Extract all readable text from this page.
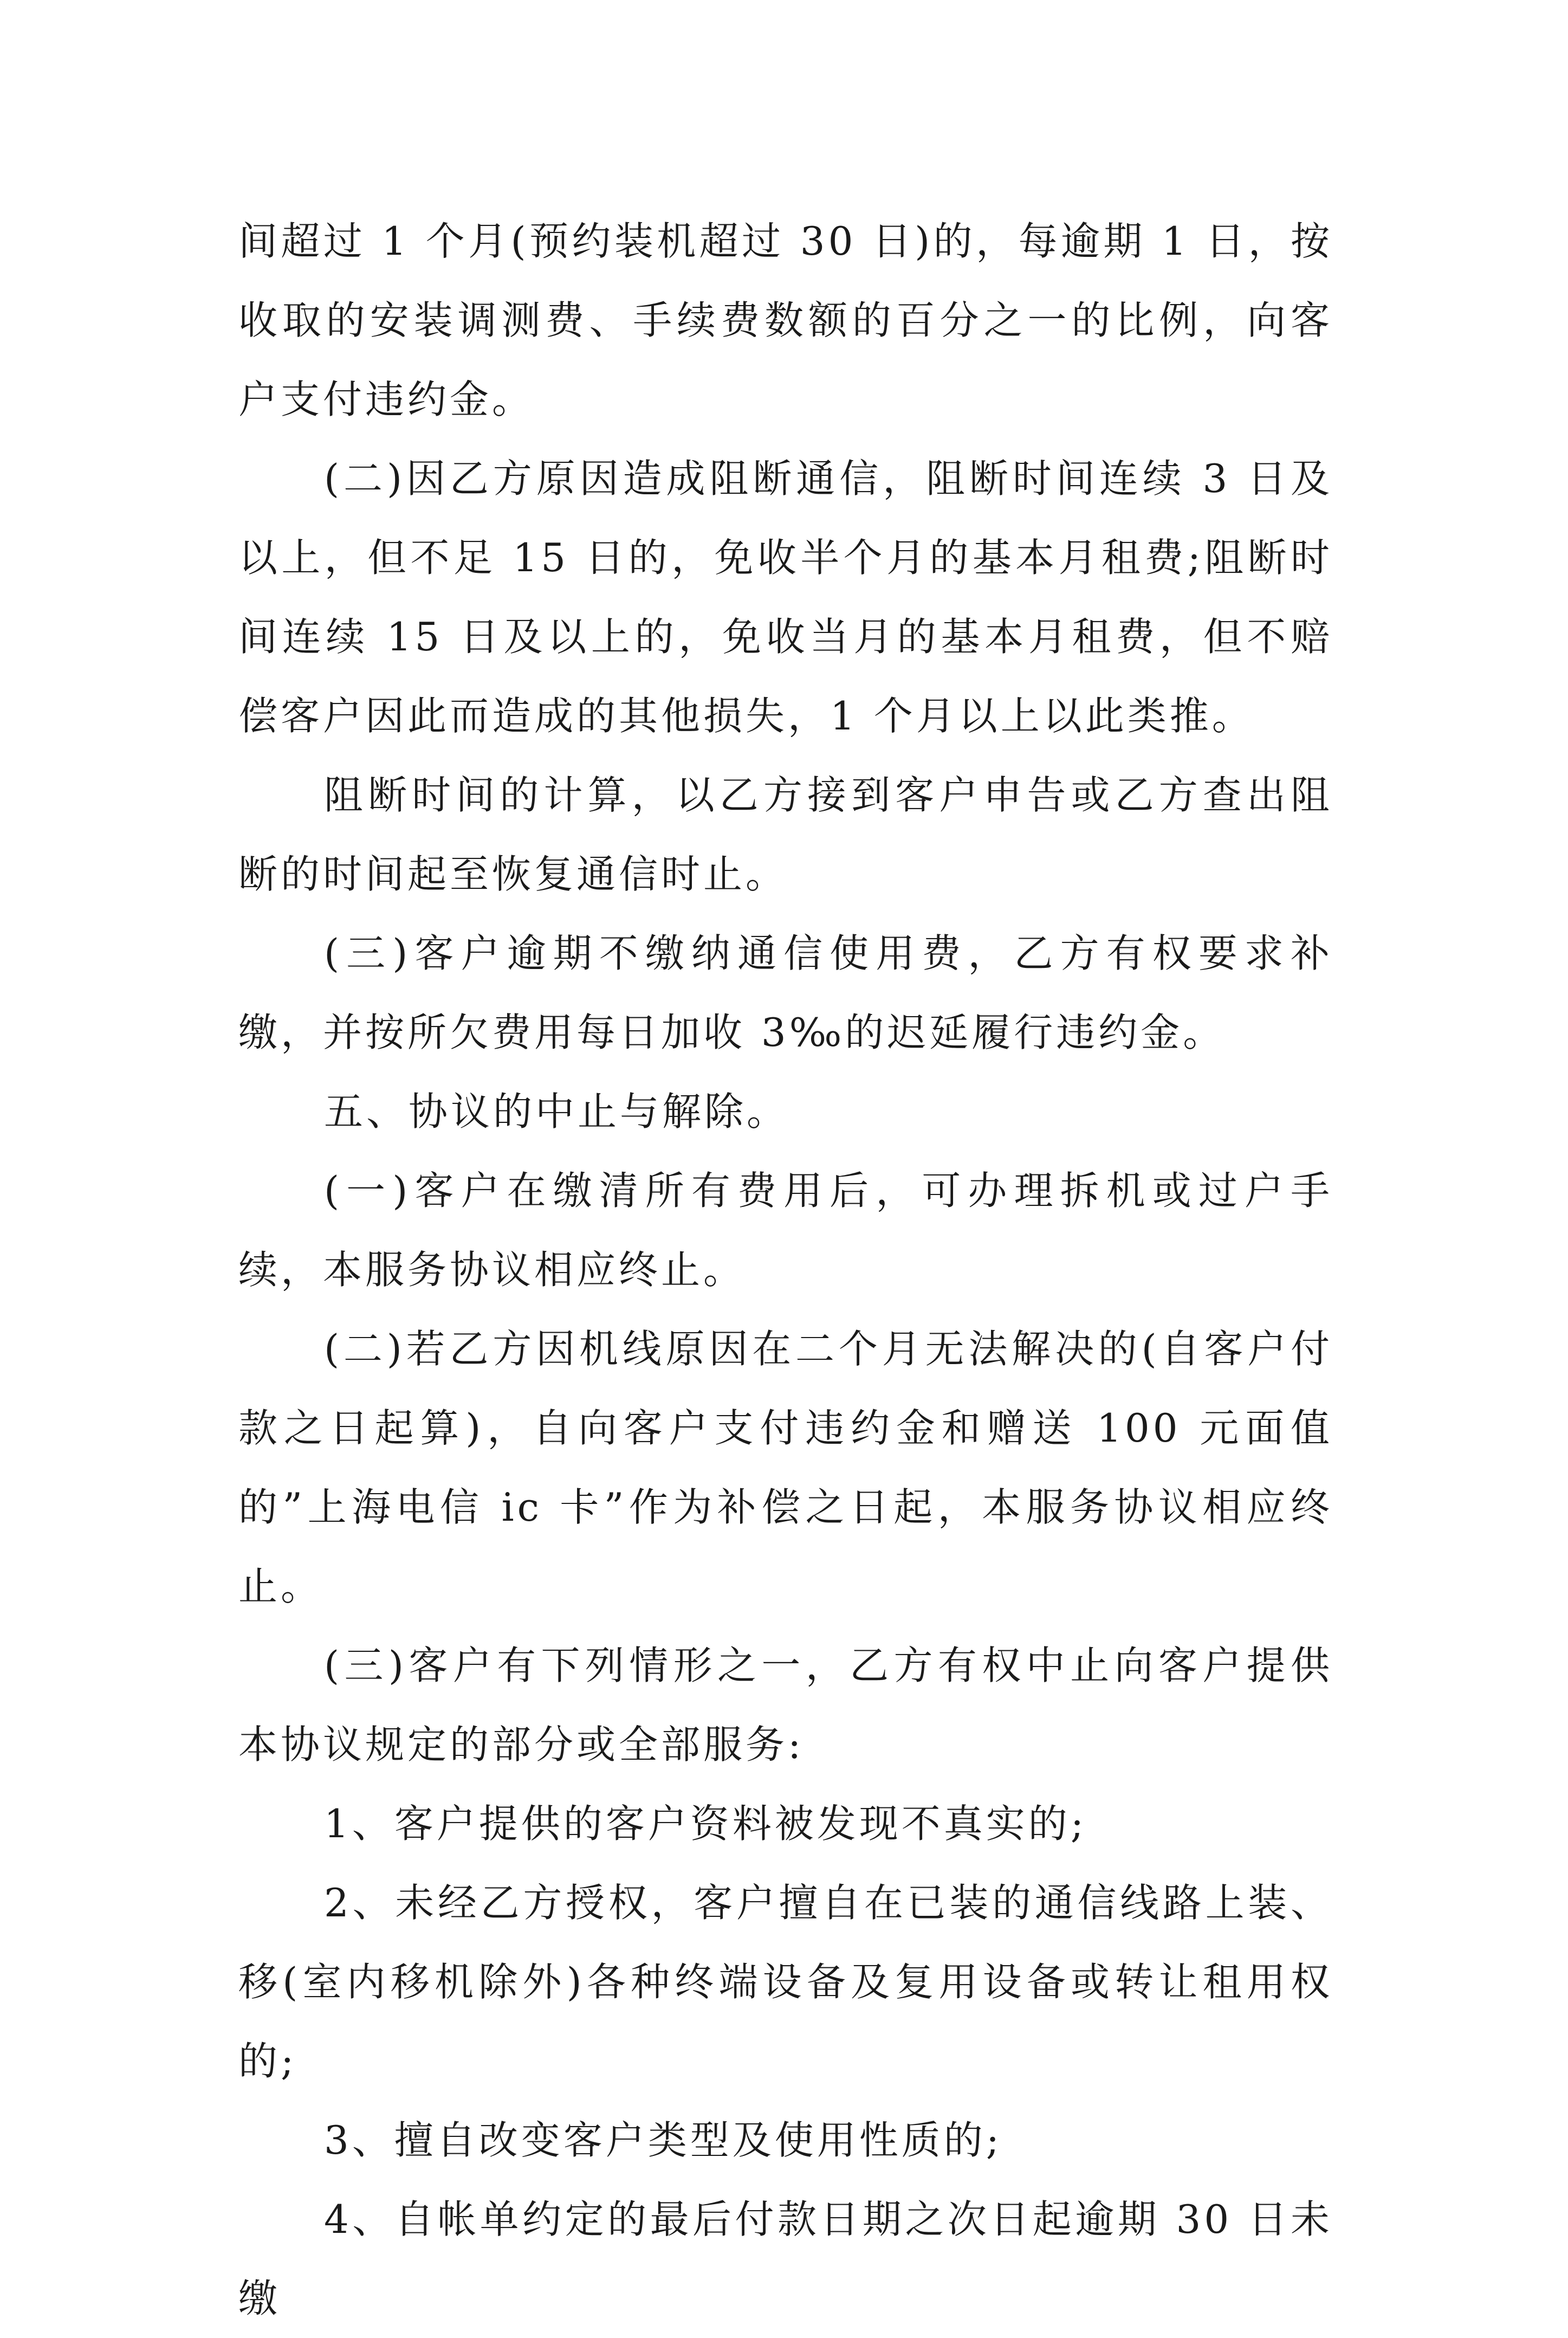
间超过 1 个月(预约装机超过 30 日)的，每逾期 1 日，按收取的安装调测费、手续费数额的百分之一的比例，向客户支付违约金。

(二)因乙方原因造成阻断通信，阻断时间连续 3 日及以上，但不足 15 日的，免收半个月的基本月租费;阻断时间连续 15 日及以上的，免收当月的基本月租费，但不赔偿客户因此而造成的其他损失，1 个月以上以此类推。

阻断时间的计算，以乙方接到客户申告或乙方查出阻断的时间起至恢复通信时止。

(三)客户逾期不缴纳通信使用费，乙方有权要求补缴，并按所欠费用每日加收 3‰的迟延履行违约金。

五、协议的中止与解除。

(一)客户在缴清所有费用后，可办理拆机或过户手续，本服务协议相应终止。

(二)若乙方因机线原因在二个月无法解决的(自客户付款之日起算)，自向客户支付违约金和赠送 100 元面值的”上海电信 ic 卡”作为补偿之日起，本服务协议相应终止。

(三)客户有下列情形之一，乙方有权中止向客户提供本协议规定的部分或全部服务:

1、客户提供的客户资料被发现不真实的;

2、未经乙方授权，客户擅自在已装的通信线路上装、移(室内移机除外)各种终端设备及复用设备或转让租用权的;

3、擅自改变客户类型及使用性质的;

4、自帐单约定的最后付款日期之次日起逾期 30 日未缴
